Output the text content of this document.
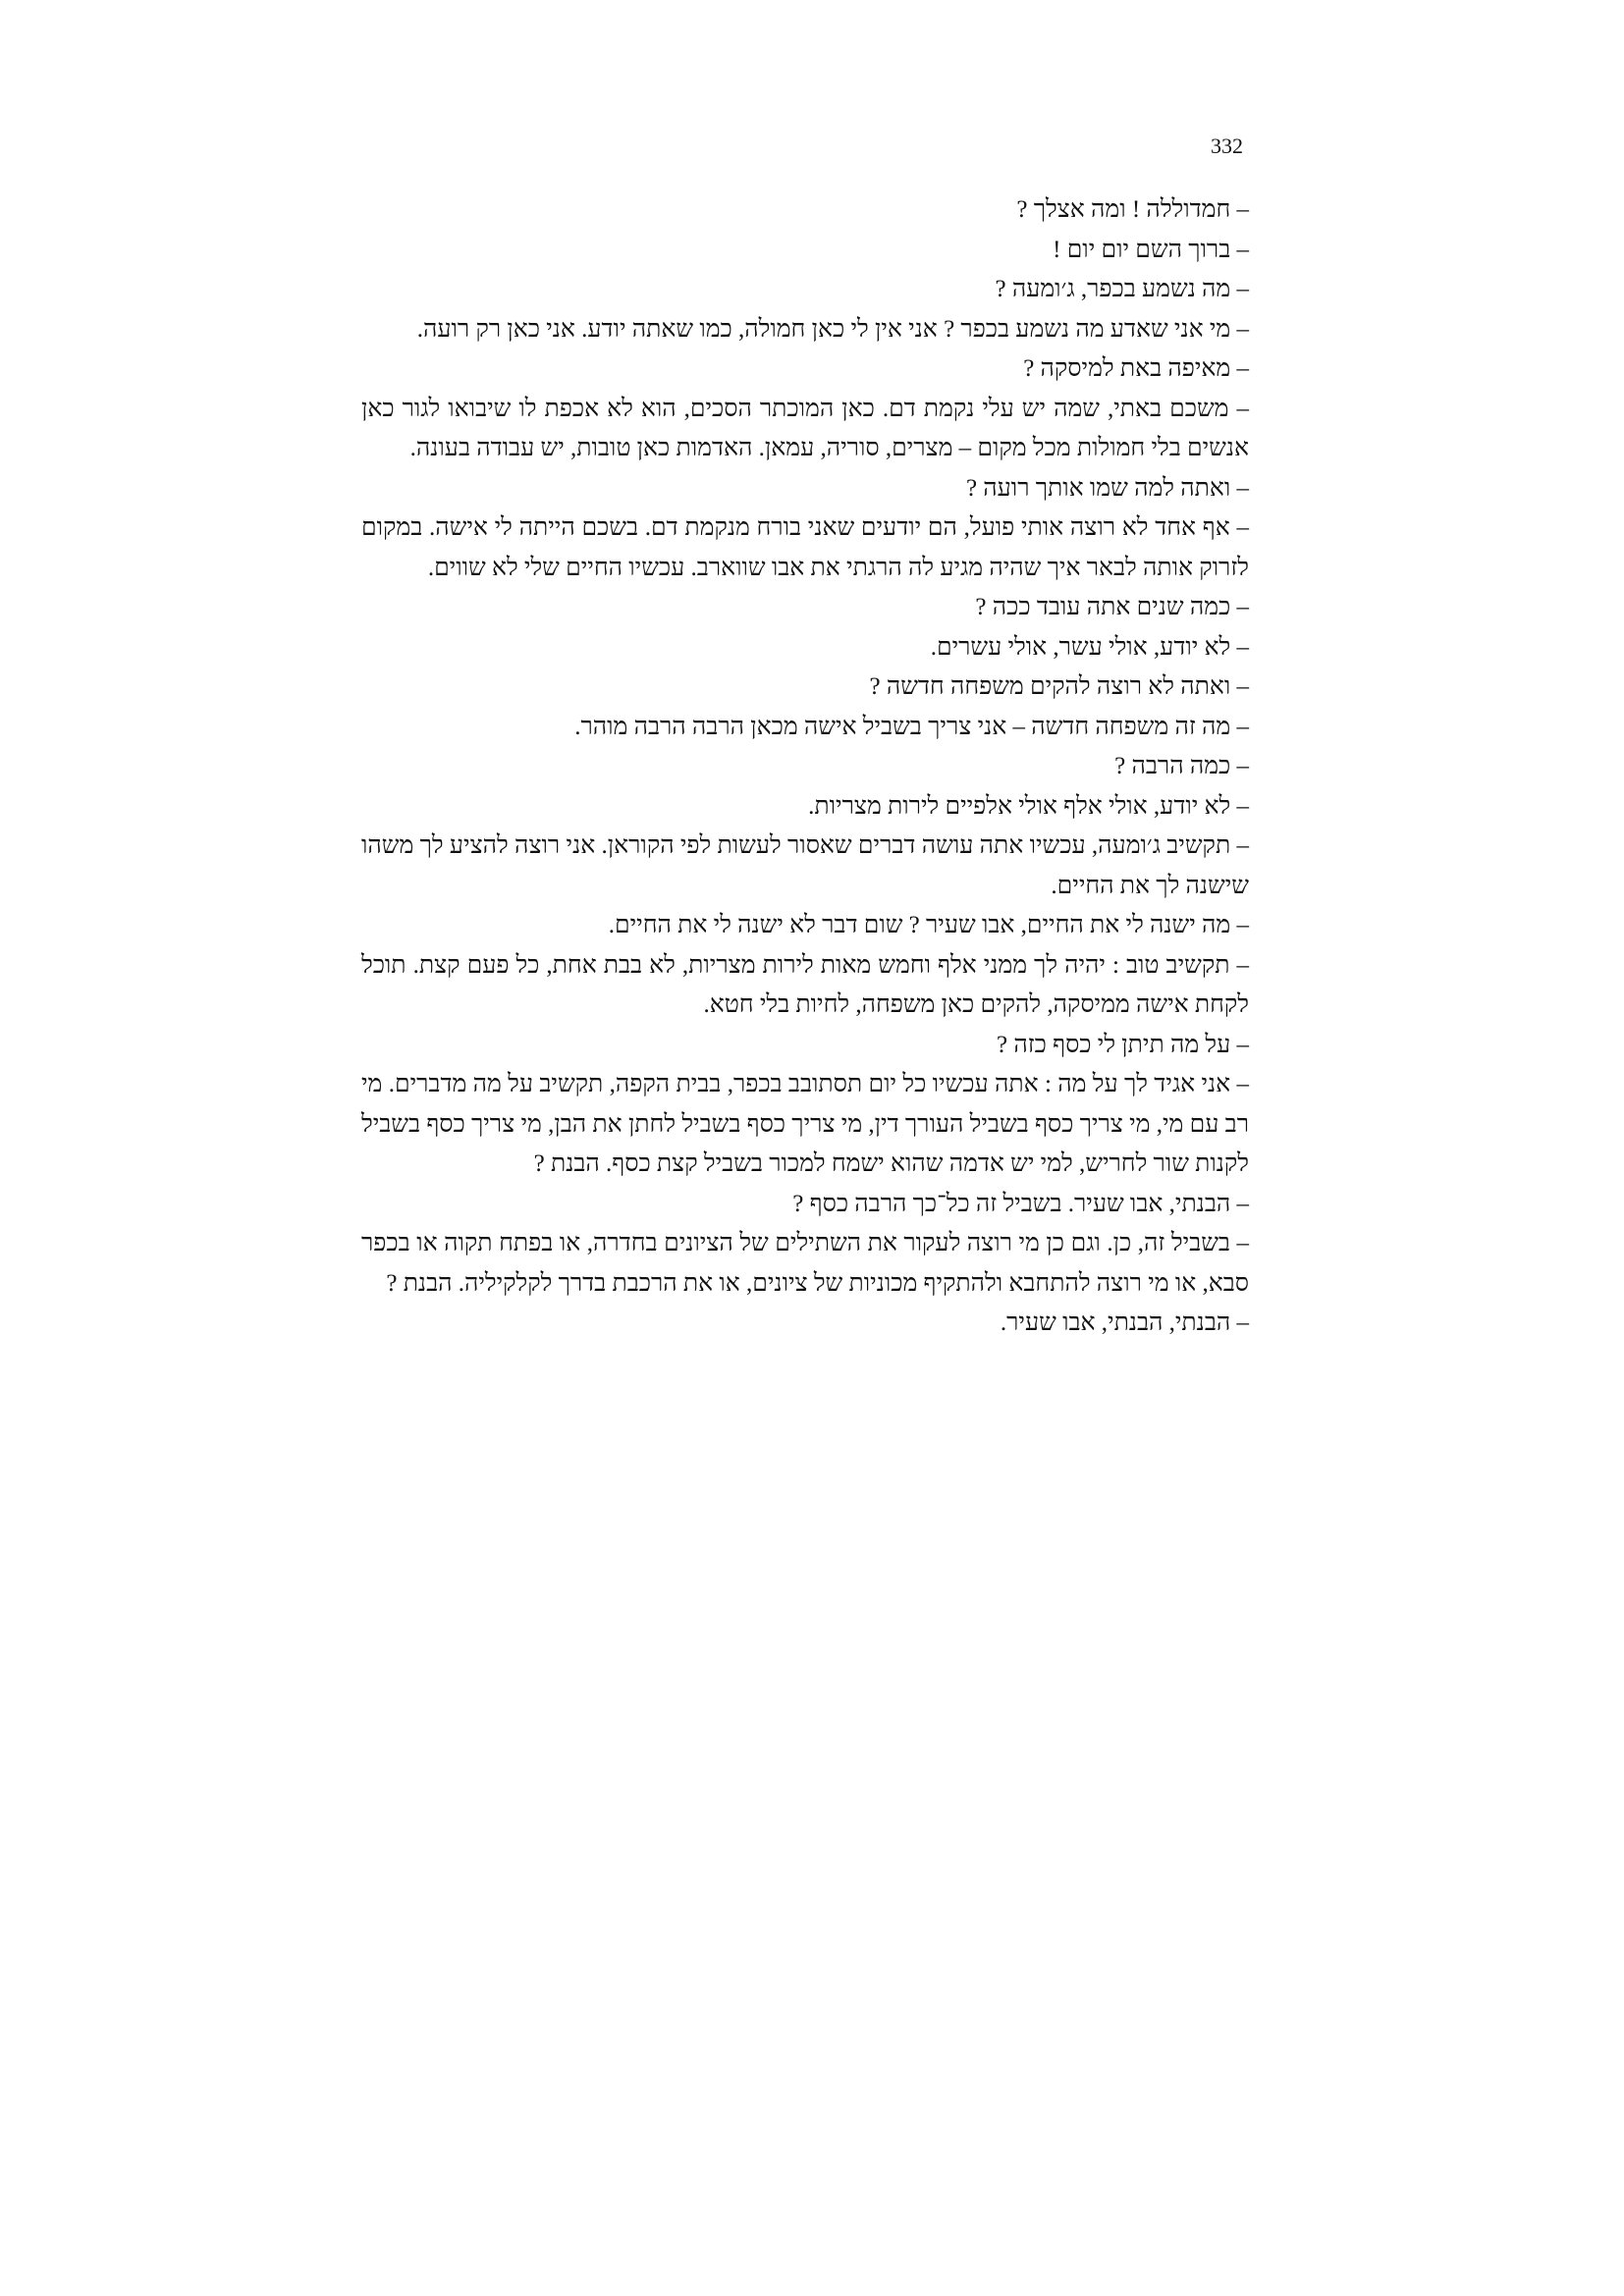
332

– חמדוללה ! ומה אצלך ?

– ברוך השם יום יום !

– מה נשמע בכפר, ג׳ומעה ?

– מי אני שאדע מה נשמע בכפר ? אני אין לי כאן חמולה, כמו שאתה יודע. אני כאן רק רועה.

– מאיפה באת למיסקה ?

– משכם באתי, שמה יש עלי נקמת דם. כאן המוכתר הסכים, הוא לא אכפת לו שיבואו לגור כאן אנשים בלי חמולות מכל מקום – מצרים, סוריה, עמאן. האדמות כאן טובות, יש עבודה בעונה.

– ואתה למה שמו אותך רועה ?

– אף אחד לא רוצה אותי פועל, הם יודעים שאני בורח מנקמת דם. בשכם הייתה לי אישה. במקום לזרוק אותה לבאר איך שהיה מגיע לה הרגתי את אבו שווארב. עכשיו החיים שלי לא שווים.

– כמה שנים אתה עובד ככה ?

– לא יודע, אולי עשר, אולי עשרים.

– ואתה לא רוצה להקים משפחה חדשה ?

– מה זה משפחה חדשה – אני צריך בשביל אישה מכאן הרבה הרבה מוהר.

– כמה הרבה ?

– לא יודע, אולי אלף אולי אלפיים לירות מצריות.

– תקשיב ג׳ומעה, עכשיו אתה עושה דברים שאסור לעשות לפי הקוראן. אני רוצה להציע לך משהו שישנה לך את החיים.

– מה ישנה לי את החיים, אבו שעיר ? שום דבר לא ישנה לי את החיים.

– תקשיב טוב : יהיה לך ממני אלף וחמש מאות לירות מצריות, לא בבת אחת, כל פעם קצת. תוכל לקחת אישה ממיסקה, להקים כאן משפחה, לחיות בלי חטא.

– על מה תיתן לי כסף כזה ?

– אני אגיד לך על מה : אתה עכשיו כל יום תסתובב בכפר, בבית הקפה, תקשיב על מה מדברים. מי רב עם מי, מי צריך כסף בשביל העורך דין, מי צריך כסף בשביל לחתן את הבן, מי צריך כסף בשביל לקנות שור לחריש, למי יש אדמה שהוא ישמח למכור בשביל קצת כסף. הבנת ?

– הבנתי, אבו שעיר. בשביל זה כל־כך הרבה כסף ?

– בשביל זה, כן. וגם כן מי רוצה לעקור את השתילים של הציונים בחדרה, או בפתח תקוה או בכפר סבא, או מי רוצה להתחבא ולהתקיף מכוניות של ציונים, או את הרכבת בדרך לקלקיליה. הבנת ?

– הבנתי, הבנתי, אבו שעיר.
